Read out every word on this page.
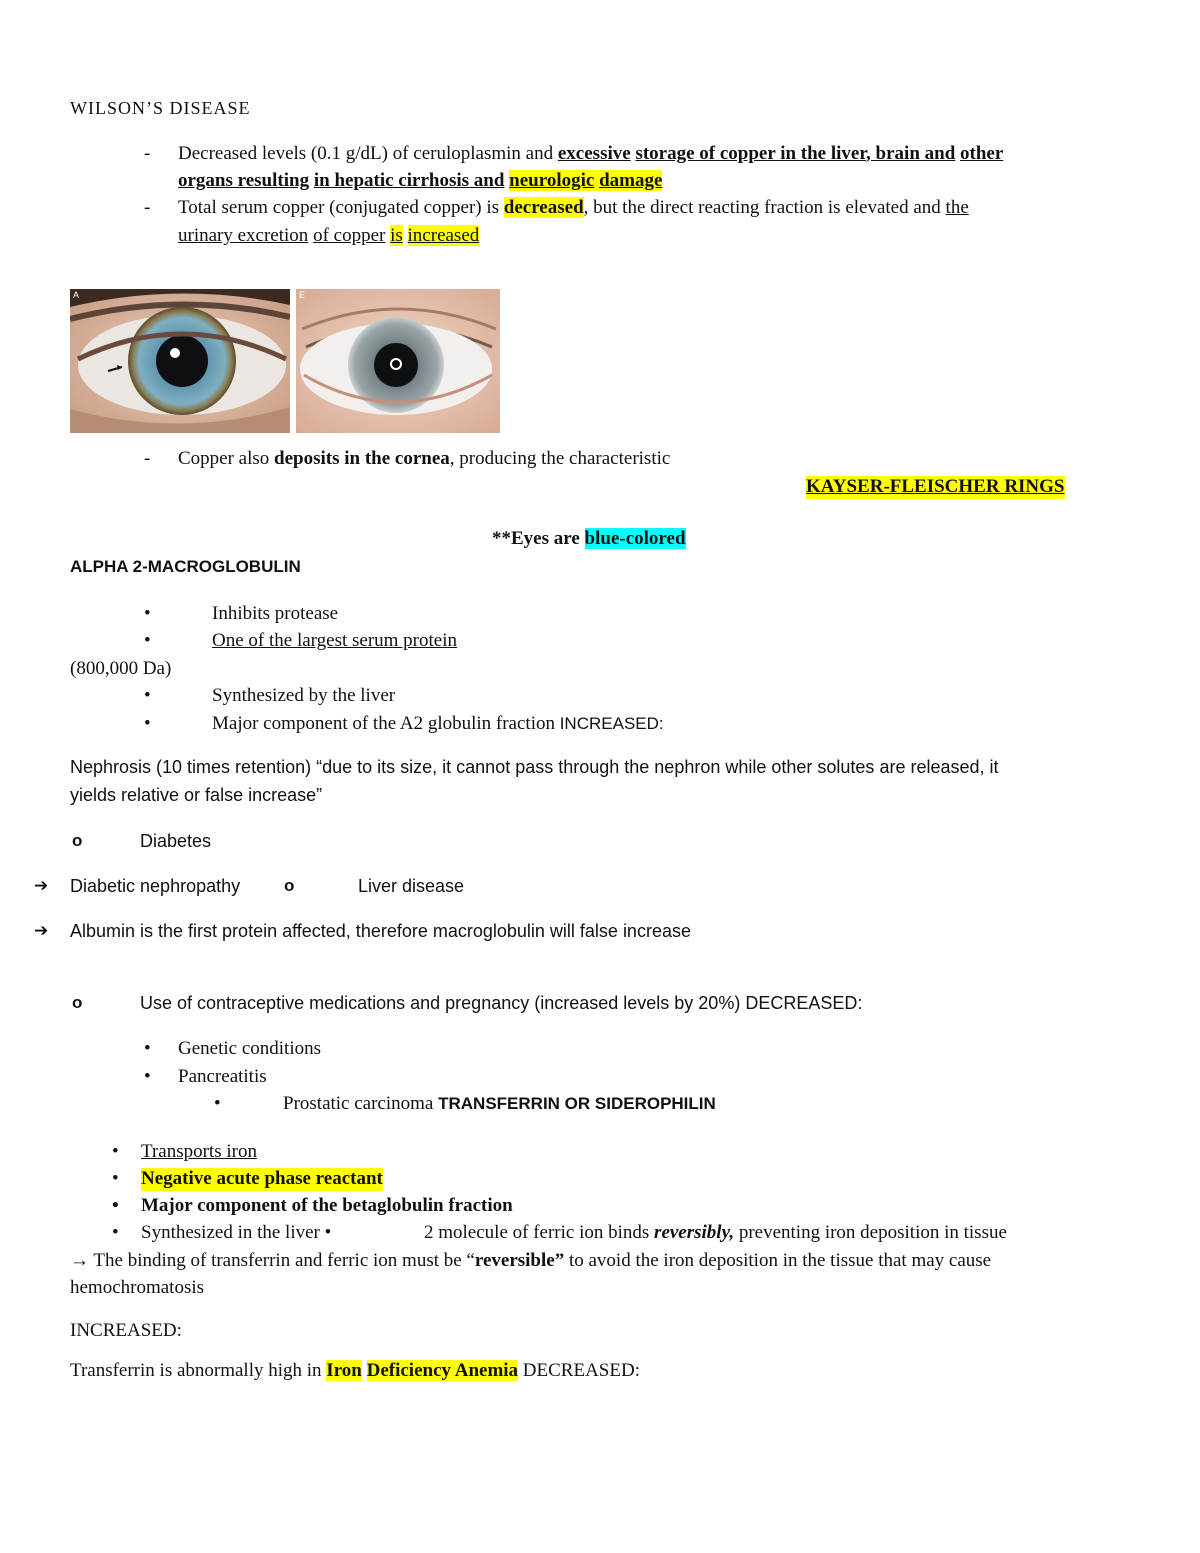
WILSON’S DISEASE
- Decreased levels (0.1 g/dL) of ceruloplasmin and excessive storage of copper in the liver, brain and other
organs resulting in hepatic cirrhosis and neurologic damage
- Total serum copper (conjugated copper) is decreased, but the direct reacting fraction is elevated and the
urinary excretion of copper is increased
A	E
- Copper also deposits in the cornea, producing the characteristic
KAYSER-FLEISCHER RINGS
**Eyes are blue-colored
ALPHA 2-MACROGLOBULIN
•	Inhibits protease
•	One of the largest serum protein
(800,000 Da)
•	Synthesized by the liver
•	Major component of the A2 globulin fraction INCREASED:
Nephrosis (10 times retention) “due to its size, it cannot pass through the nephron while other solutes are released, it
yields relative or false increase”
o	Diabetes
➔ Diabetic nephropathy	o	Liver disease
➔ Albumin is the first protein affected, therefore macroglobulin will false increase
o	Use of contraceptive medications and pregnancy (increased levels by 20%) DECREASED:
• Genetic conditions
• Pancreatitis
•	Prostatic carcinoma TRANSFERRIN OR SIDEROPHILIN
• Transports iron
• Negative acute phase reactant
• Major component of the betaglobulin fraction
• Synthesized in the liver •	2 molecule of ferric ion binds reversibly, preventing iron deposition in tissue
→ The binding of transferrin and ferric ion must be “reversible” to avoid the iron deposition in the tissue that may cause
hemochromatosis
INCREASED:
Transferrin is abnormally high in Iron Deficiency Anemia DECREASED:
